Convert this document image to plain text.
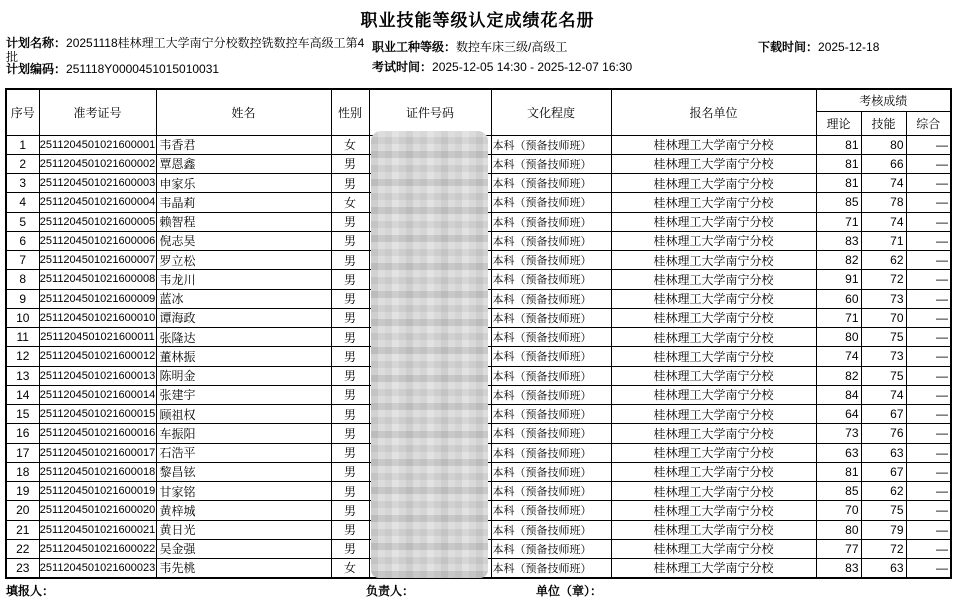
职业技能等级认定成绩花名册
计划名称：20251118桂林理工大学南宁分校数控铣数控车高级工第4批
计划编码：251118Y0000451015010031
职业工种等级：数控车床三级/高级工
考试时间：2025-12-05 14:30 - 2025-12-07 16:30
下载时间：2025-12-18
序号	准考证号	姓名	性别	证件号码	文化程度	报名单位	考核成绩		
							理论	技能	综合
1	2511204501021600001	韦香君	女		本科（预备技师班）	桂林理工大学南宁分校	81	80	—
2	2511204501021600002	覃恩鑫	男		本科（预备技师班）	桂林理工大学南宁分校	81	66	—
3	2511204501021600003	申家乐	男		本科（预备技师班）	桂林理工大学南宁分校	81	74	—
4	2511204501021600004	韦晶莉	女		本科（预备技师班）	桂林理工大学南宁分校	85	78	—
5	2511204501021600005	赖智程	男		本科（预备技师班）	桂林理工大学南宁分校	71	74	—
6	2511204501021600006	倪志昊	男		本科（预备技师班）	桂林理工大学南宁分校	83	71	—
7	2511204501021600007	罗立松	男		本科（预备技师班）	桂林理工大学南宁分校	82	62	—
8	2511204501021600008	韦龙川	男		本科（预备技师班）	桂林理工大学南宁分校	91	72	—
9	2511204501021600009	蓝冰	男		本科（预备技师班）	桂林理工大学南宁分校	60	73	—
10	2511204501021600010	谭海政	男		本科（预备技师班）	桂林理工大学南宁分校	71	70	—
11	2511204501021600011	张隆达	男		本科（预备技师班）	桂林理工大学南宁分校	80	75	—
12	2511204501021600012	董林振	男		本科（预备技师班）	桂林理工大学南宁分校	74	73	—
13	2511204501021600013	陈明金	男		本科（预备技师班）	桂林理工大学南宁分校	82	75	—
14	2511204501021600014	张建宇	男		本科（预备技师班）	桂林理工大学南宁分校	84	74	—
15	2511204501021600015	顾祖权	男		本科（预备技师班）	桂林理工大学南宁分校	64	67	—
16	2511204501021600016	车振阳	男		本科（预备技师班）	桂林理工大学南宁分校	73	76	—
17	2511204501021600017	石浩平	男		本科（预备技师班）	桂林理工大学南宁分校	63	63	—
18	2511204501021600018	黎昌铉	男		本科（预备技师班）	桂林理工大学南宁分校	81	67	—
19	2511204501021600019	甘家铭	男		本科（预备技师班）	桂林理工大学南宁分校	85	62	—
20	2511204501021600020	黄梓城	男		本科（预备技师班）	桂林理工大学南宁分校	70	75	—
21	2511204501021600021	黄日光	男		本科（预备技师班）	桂林理工大学南宁分校	80	79	—
22	2511204501021600022	吴金强	男		本科（预备技师班）	桂林理工大学南宁分校	77	72	—
23	2511204501021600023	韦先桃	女		本科（预备技师班）	桂林理工大学南宁分校	83	63	—
填报人：	负责人：	单位（章）：
